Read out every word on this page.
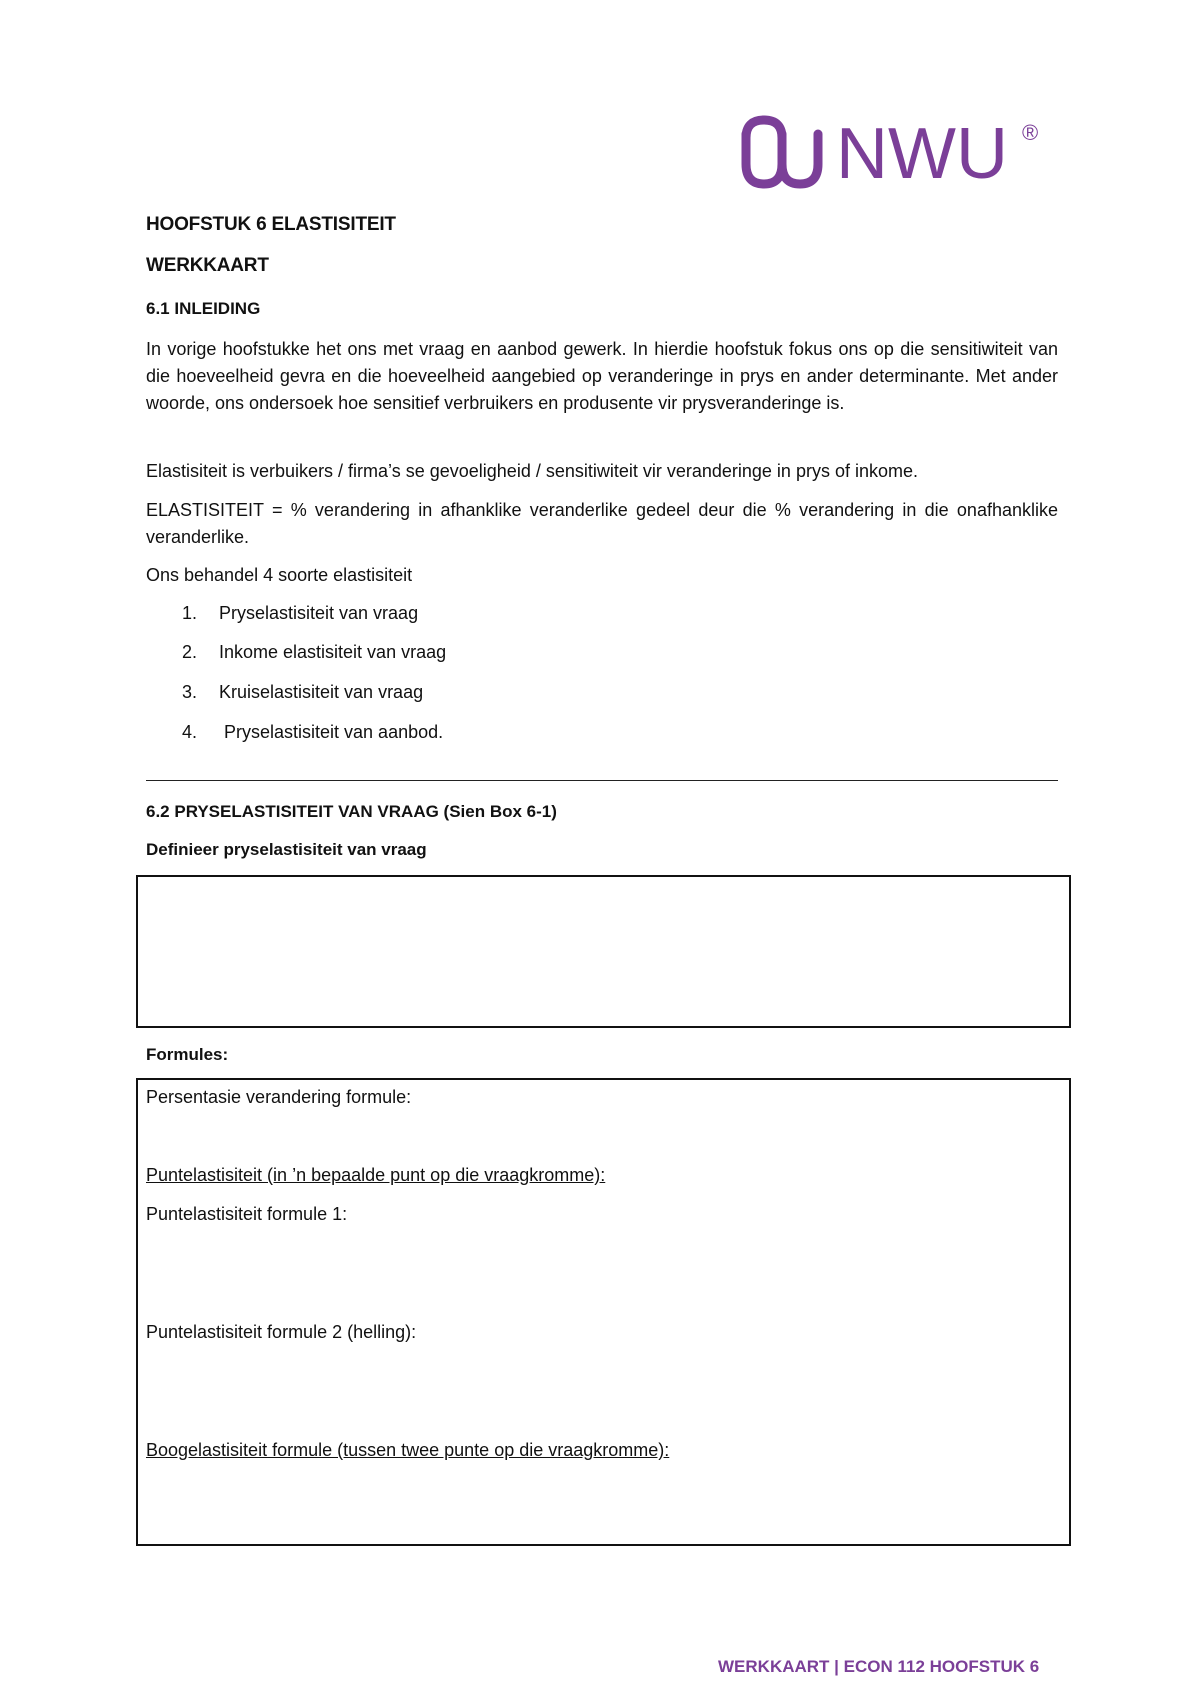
NWU ®
HOOFSTUK 6 ELASTISITEIT
WERKKAART
6.1 INLEIDING

In vorige hoofstukke het ons met vraag en aanbod gewerk. In hierdie hoofstuk fokus ons op die sensitiwiteit van die hoeveelheid gevra en die hoeveelheid aangebied op veranderinge in prys en ander determinante. Met ander woorde, ons ondersoek hoe sensitief verbruikers en produsente vir prysveranderinge is.

Elastisiteit is verbuikers / firma’s se gevoeligheid / sensitiwiteit vir veranderinge in prys of inkome.

ELASTISITEIT = % verandering in afhanklike veranderlike gedeel deur die % verandering in die onafhanklike veranderlike.

Ons behandel 4 soorte elastisiteit

1.	Pryselastisiteit van vraag
2.	Inkome elastisiteit van vraag
3.	Kruiselastisiteit van vraag
4.	Pryselastisiteit van aanbod.
6.2 PRYSELASTISITEIT VAN VRAAG (Sien Box 6-1)
Definieer pryselastisiteit van vraag
Formules:
Persentasie verandering formule:
Puntelastisiteit (in ’n bepaalde punt op die vraagkromme):
Puntelastisiteit formule 1:
Puntelastisiteit formule 2 (helling):
Boogelastisiteit formule (tussen twee punte op die vraagkromme):
WERKKAART | ECON 112 HOOFSTUK 6
